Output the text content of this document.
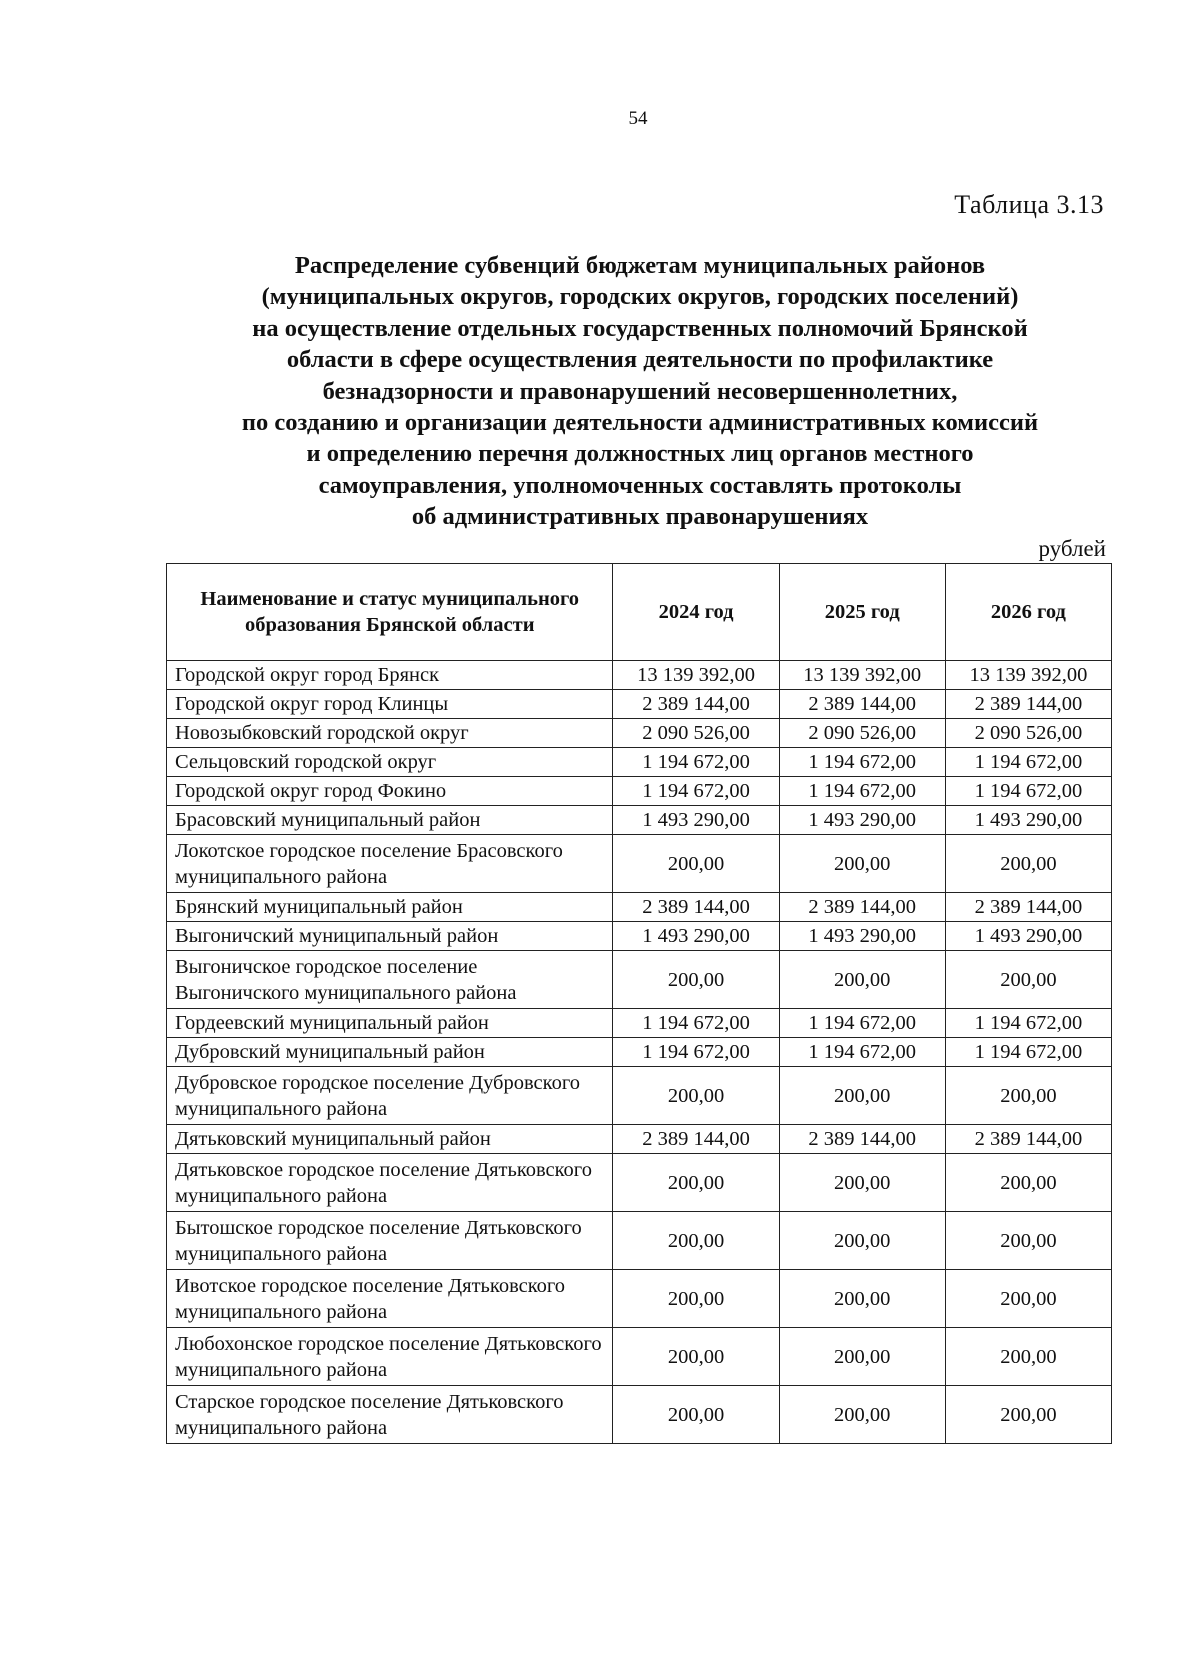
54
Таблица 3.13
Распределение субвенций бюджетам муниципальных районов
(муниципальных округов, городских округов, городских поселений)
на осуществление отдельных государственных полномочий Брянской
области в сфере осуществления деятельности по профилактике
безнадзорности и правонарушений несовершеннолетних,
по созданию и организации деятельности административных комиссий
и определению перечня должностных лиц органов местного
самоуправления, уполномоченных составлять протоколы
об административных правонарушениях
рублей
Наименование и статус муниципального образования Брянской области	2024 год	2025 год	2026 год
Городской округ город Брянск	13 139 392,00	13 139 392,00	13 139 392,00
Городской округ город Клинцы	2 389 144,00	2 389 144,00	2 389 144,00
Новозыбковский городской округ	2 090 526,00	2 090 526,00	2 090 526,00
Сельцовский городской округ	1 194 672,00	1 194 672,00	1 194 672,00
Городской округ город Фокино	1 194 672,00	1 194 672,00	1 194 672,00
Брасовский муниципальный район	1 493 290,00	1 493 290,00	1 493 290,00
Локотское городское поселение Брасовского муниципального района	200,00	200,00	200,00
Брянский муниципальный район	2 389 144,00	2 389 144,00	2 389 144,00
Выгоничский муниципальный район	1 493 290,00	1 493 290,00	1 493 290,00
Выгоничское городское поселение Выгоничского муниципального района	200,00	200,00	200,00
Гордеевский муниципальный район	1 194 672,00	1 194 672,00	1 194 672,00
Дубровский муниципальный район	1 194 672,00	1 194 672,00	1 194 672,00
Дубровское городское поселение Дубровского муниципального района	200,00	200,00	200,00
Дятьковский муниципальный район	2 389 144,00	2 389 144,00	2 389 144,00
Дятьковское городское поселение Дятьковского муниципального района	200,00	200,00	200,00
Бытошское городское поселение Дятьковского муниципального района	200,00	200,00	200,00
Ивотское городское поселение Дятьковского муниципального района	200,00	200,00	200,00
Любохонское городское поселение Дятьковского муниципального района	200,00	200,00	200,00
Старское городское поселение Дятьковского муниципального района	200,00	200,00	200,00
